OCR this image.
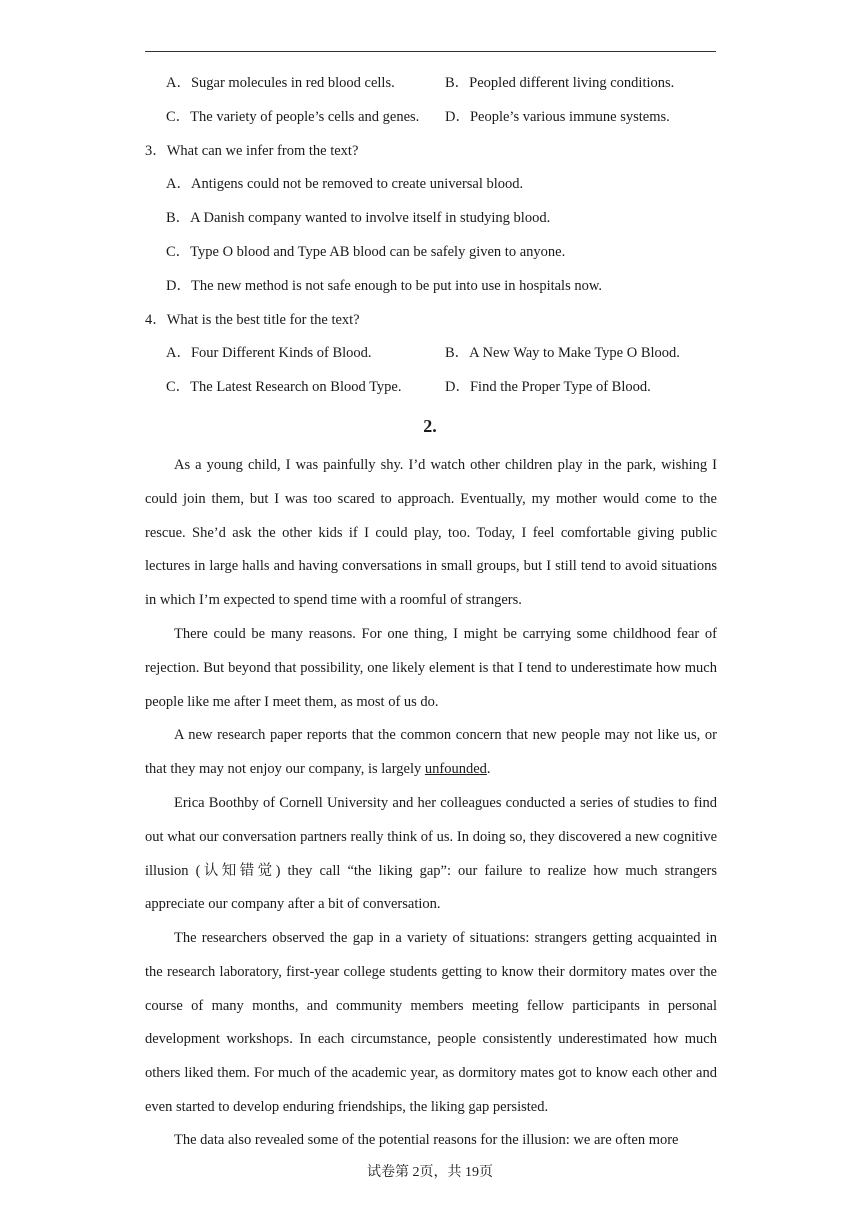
A．Sugar molecules in red blood cells.	B．Peopled different living conditions.
C．The variety of people’s cells and genes. D．People’s various immune systems.
3．What can we infer from the text?
A．Antigens could not be removed to create universal blood.
B．A Danish company wanted to involve itself in studying blood.
C．Type O blood and Type AB blood can be safely given to anyone.
D．The new method is not safe enough to be put into use in hospitals now.
4．What is the best title for the text?
A．Four Different Kinds of Blood.	B．A New Way to Make Type O Blood.
C．The Latest Research on Blood Type.	D．Find the Proper Type of Blood.
2.

As a young child, I was painfully shy. I’d watch other children play in the park, wishing I could join them, but I was too scared to approach. Eventually, my mother would come to the rescue. She’d ask the other kids if I could play, too. Today, I feel comfortable giving public lectures in large halls and having conversations in small groups, but I still tend to avoid situations in which I’m expected to spend time with a roomful of strangers.

There could be many reasons. For one thing, I might be carrying some childhood fear of rejection. But beyond that possibility, one likely element is that I tend to underestimate how much people like me after I meet them, as most of us do.

A new research paper reports that the common concern that new people may not like us, or that they may not enjoy our company, is largely unfounded.

Erica Boothby of Cornell University and her colleagues conducted a series of studies to find out what our conversation partners really think of us. In doing so, they discovered a new cognitive illusion (认知错觉) they call “the liking gap”: our failure to realize how much strangers appreciate our company after a bit of conversation.

The researchers observed the gap in a variety of situations: strangers getting acquainted in the research laboratory, first-year college students getting to know their dormitory mates over the course of many months, and community members meeting fellow participants in personal development workshops. In each circumstance, people consistently underestimated how much others liked them. For much of the academic year, as dormitory mates got to know each other and even started to develop enduring friendships, the liking gap persisted.

The data also revealed some of the potential reasons for the illusion: we are often more

试卷第 2页，共 19页
